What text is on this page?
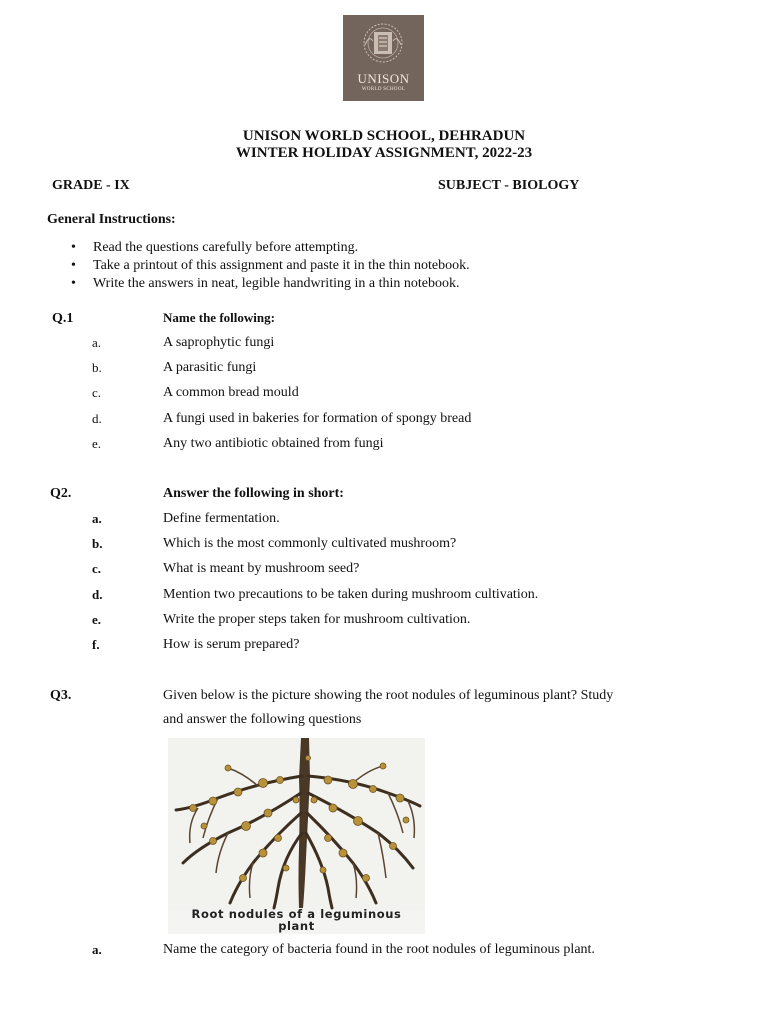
UNISON
WORLD SCHOOL
UNISON WORLD SCHOOL, DEHRADUN
WINTER HOLIDAY ASSIGNMENT, 2022-23
GRADE - IX	SUBJECT - BIOLOGY
General Instructions:
• Read the questions carefully before attempting.
• Take a printout of this assignment and paste it in the thin notebook.
• Write the answers in neat, legible handwriting in a thin notebook.
Q.1	Name the following:
a.	A saprophytic fungi
b.	A parasitic fungi
c.	A common bread mould
d.	A fungi used in bakeries for formation of spongy bread
e.	Any two antibiotic obtained from fungi
Q2.	Answer the following in short:
a.	Define fermentation.
b.	Which is the most commonly cultivated mushroom?
c.	What is meant by mushroom seed?
d.	Mention two precautions to be taken during mushroom cultivation.
e.	Write the proper steps taken for mushroom cultivation.
f.	How is serum prepared?
Q3.	Given below is the picture showing the root nodules of leguminous plant? Study
and answer the following questions
Root nodules of a leguminous
plant
a.	Name the category of bacteria found in the root nodules of leguminous plant.
